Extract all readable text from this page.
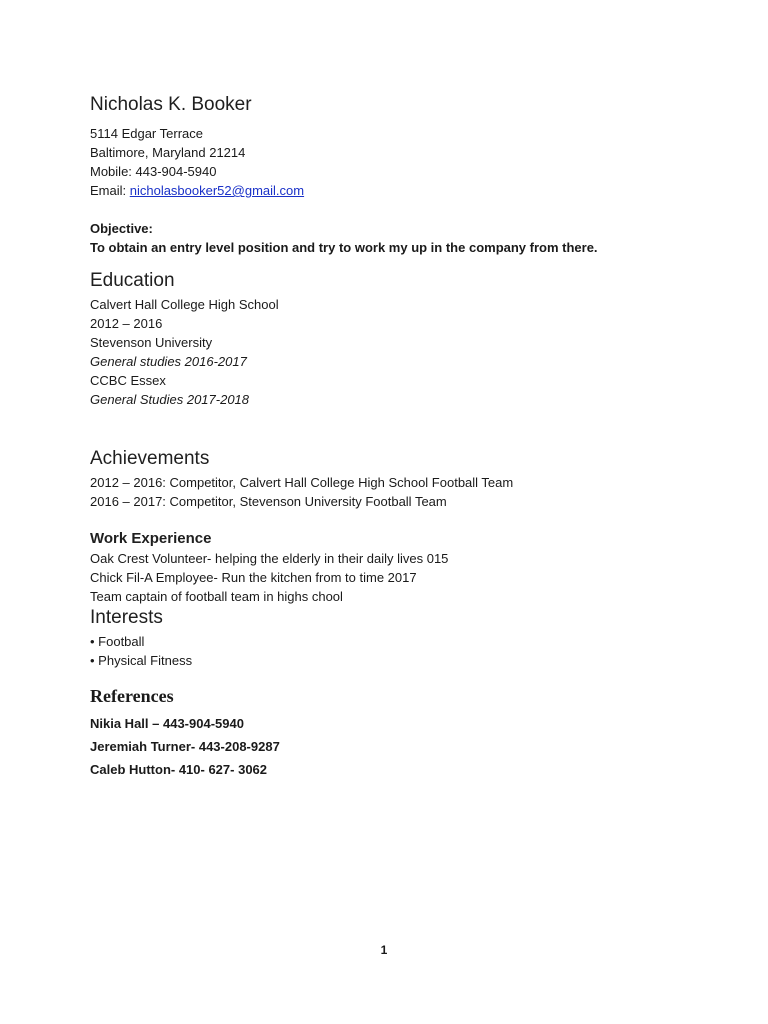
Nicholas K. Booker

5114 Edgar Terrace

Baltimore, Maryland 21214

Mobile: 443-904-5940

Email: nicholasbooker52@gmail.com

Objective:

To obtain an entry level position and try to work my up in the company from there.

Education

Calvert Hall College High School

2012 – 2016

Stevenson University

General studies 2016-2017

CCBC Essex

General Studies 2017-2018

Achievements

2012 – 2016: Competitor, Calvert Hall College High School Football Team

2016 – 2017: Competitor, Stevenson University Football Team

Work Experience

Oak Crest Volunteer- helping the elderly in their daily lives 015

Chick Fil-A Employee- Run the kitchen from to time 2017

Team captain of football team in highs chool

Interests

• Football

• Physical Fitness

References

Nikia Hall – 443-904-5940

Jeremiah Turner- 443-208-9287

Caleb Hutton- 410- 627- 3062

1
